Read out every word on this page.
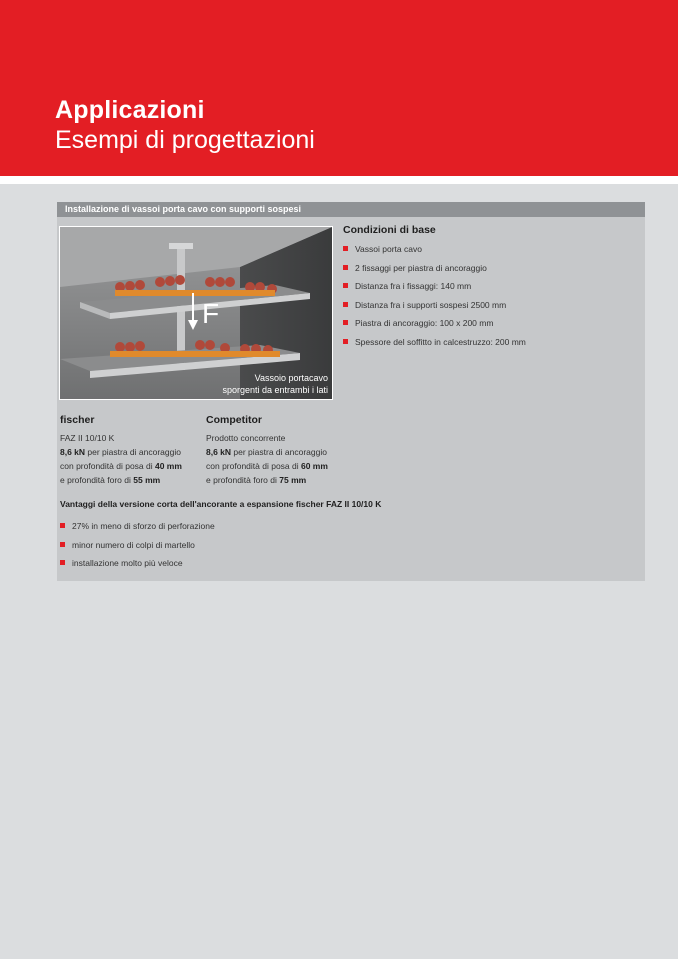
Applicazioni
Esempi di progettazioni
Installazione di vassoi porta cavo con supporti sospesi
F
Vassoio portacavo
sporgenti da entrambi i lati
Condizioni di base
Vassoi porta cavo
2 fissaggi per piastra di ancoraggio
Distanza fra i fissaggi: 140 mm
Distanza fra i supporti sospesi 2500 mm
Piastra di ancoraggio: 100 x 200 mm
Spessore del soffitto in calcestruzzo: 200 mm
fischer

FAZ II 10/10 K

8,6 kN per piastra di ancoraggio

con profondità di posa di 40 mm

e profondità foro di 55 mm

Competitor

Prodotto concorrente

8,6 kN per piastra di ancoraggio

con profondità di posa di 60 mm

e profondità foro di 75 mm

Vantaggi della versione corta dell'ancorante a espansione fischer FAZ II 10/10 K
27% in meno di sforzo di perforazione
minor numero di colpi di martello
installazione molto più veloce
